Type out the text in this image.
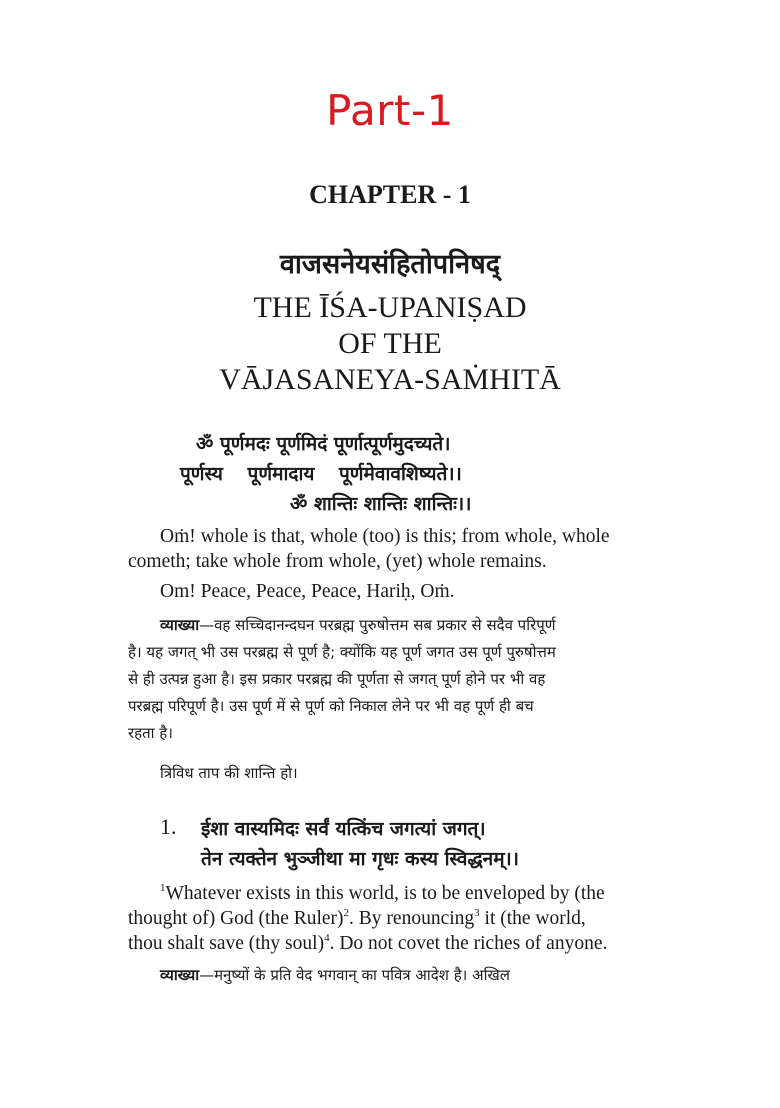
Part-1
CHAPTER - 1
वाजसनेयसंहितोपनिषद्
THE ĪŚA-UPANIṢAD
OF THE
VĀJASANEYA-SAṀHITĀ
ॐ पूर्णमदः पूर्णमिदं पूर्णात्पूर्णमुदच्यते।
पूर्णस्य पूर्णमादाय पूर्णमेवावशिष्यते।।
ॐ शान्तिः शान्तिः शान्तिः।।
Oṁ! whole is that, whole (too) is this; from whole, whole
cometh; take whole from whole, (yet) whole remains.
Om! Peace, Peace, Peace, Hariḥ, Oṁ.
व्याख्या—वह सच्चिदानन्दघन परब्रह्म पुरुषोत्तम सब प्रकार से सदैव परिपूर्ण
है। यह जगत् भी उस परब्रह्म से पूर्ण है; क्योंकि यह पूर्ण जगत उस पूर्ण पुरुषोत्तम
से ही उत्पन्न हुआ है। इस प्रकार परब्रह्म की पूर्णता से जगत् पूर्ण होने पर भी वह
परब्रह्म परिपूर्ण है। उस पूर्ण में से पूर्ण को निकाल लेने पर भी वह पूर्ण ही बच
रहता है।
त्रिविध ताप की शान्ति हो।
1. ईशा वास्यमिदः सर्वं यत्किंच जगत्यां जगत्।
तेन त्यक्तेन भुञ्जीथा मा गृधः कस्य स्विद्धनम्।।
$^1$Whatever exists in this world, is to be enveloped by (the
thought of) God (the Ruler)$^2$. By renouncing$^3$ it (the world,
thou shalt save (thy soul)$^4$. Do not covet the riches of anyone.
व्याख्या—मनुष्यों के प्रति वेद भगवान् का पवित्र आदेश है। अखिल
